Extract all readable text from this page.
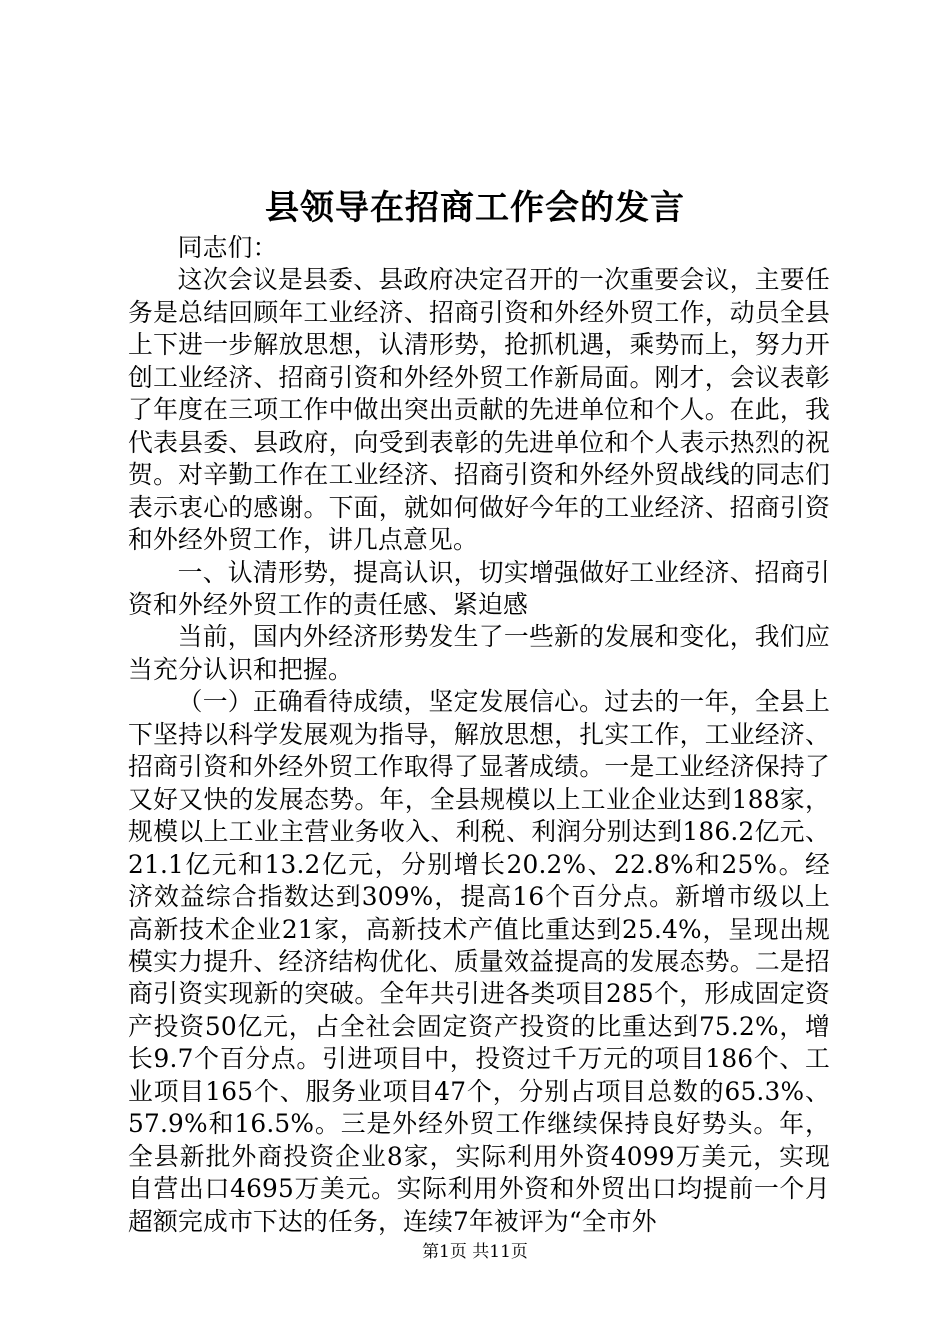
县领导在招商工作会的发言

同志们：

这次会议是县委、县政府决定召开的一次重要会议，主要任务是总结回顾年工业经济、招商引资和外经外贸工作，动员全县上下进一步解放思想，认清形势，抢抓机遇，乘势而上，努力开创工业经济、招商引资和外经外贸工作新局面。刚才，会议表彰了年度在三项工作中做出突出贡献的先进单位和个人。在此，我代表县委、县政府，向受到表彰的先进单位和个人表示热烈的祝贺。对辛勤工作在工业经济、招商引资和外经外贸战线的同志们表示衷心的感谢。下面，就如何做好今年的工业经济、招商引资和外经外贸工作，讲几点意见。

一、认清形势，提高认识，切实增强做好工业经济、招商引资和外经外贸工作的责任感、紧迫感

当前，国内外经济形势发生了一些新的发展和变化，我们应当充分认识和把握。

（一）正确看待成绩，坚定发展信心。过去的一年，全县上下坚持以科学发展观为指导，解放思想，扎实工作，工业经济、招商引资和外经外贸工作取得了显著成绩。一是工业经济保持了又好又快的发展态势。年，全县规模以上工业企业达到188家，规模以上工业主营业务收入、利税、利润分别达到186.2亿元、21.1亿元和13.2亿元，分别增长20.2%、22.8%和25%。经济效益综合指数达到309%，提高16个百分点。新增市级以上高新技术企业21家，高新技术产值比重达到25.4%，呈现出规模实力提升、经济结构优化、质量效益提高的发展态势。二是招商引资实现新的突破。全年共引进各类项目285个，形成固定资产投资50亿元，占全社会固定资产投资的比重达到75.2%，增长9.7个百分点。引进项目中，投资过千万元的项目186个、工业项目165个、服务业项目47个，分别占项目总数的65.3%、57.9%和16.5%。三是外经外贸工作继续保持良好势头。年，全县新批外商投资企业8家，实际利用外资4099万美元，实现自营出口4695万美元。实际利用外资和外贸出口均提前一个月超额完成市下达的任务，连续7年被评为“全市外

第1页 共11页
